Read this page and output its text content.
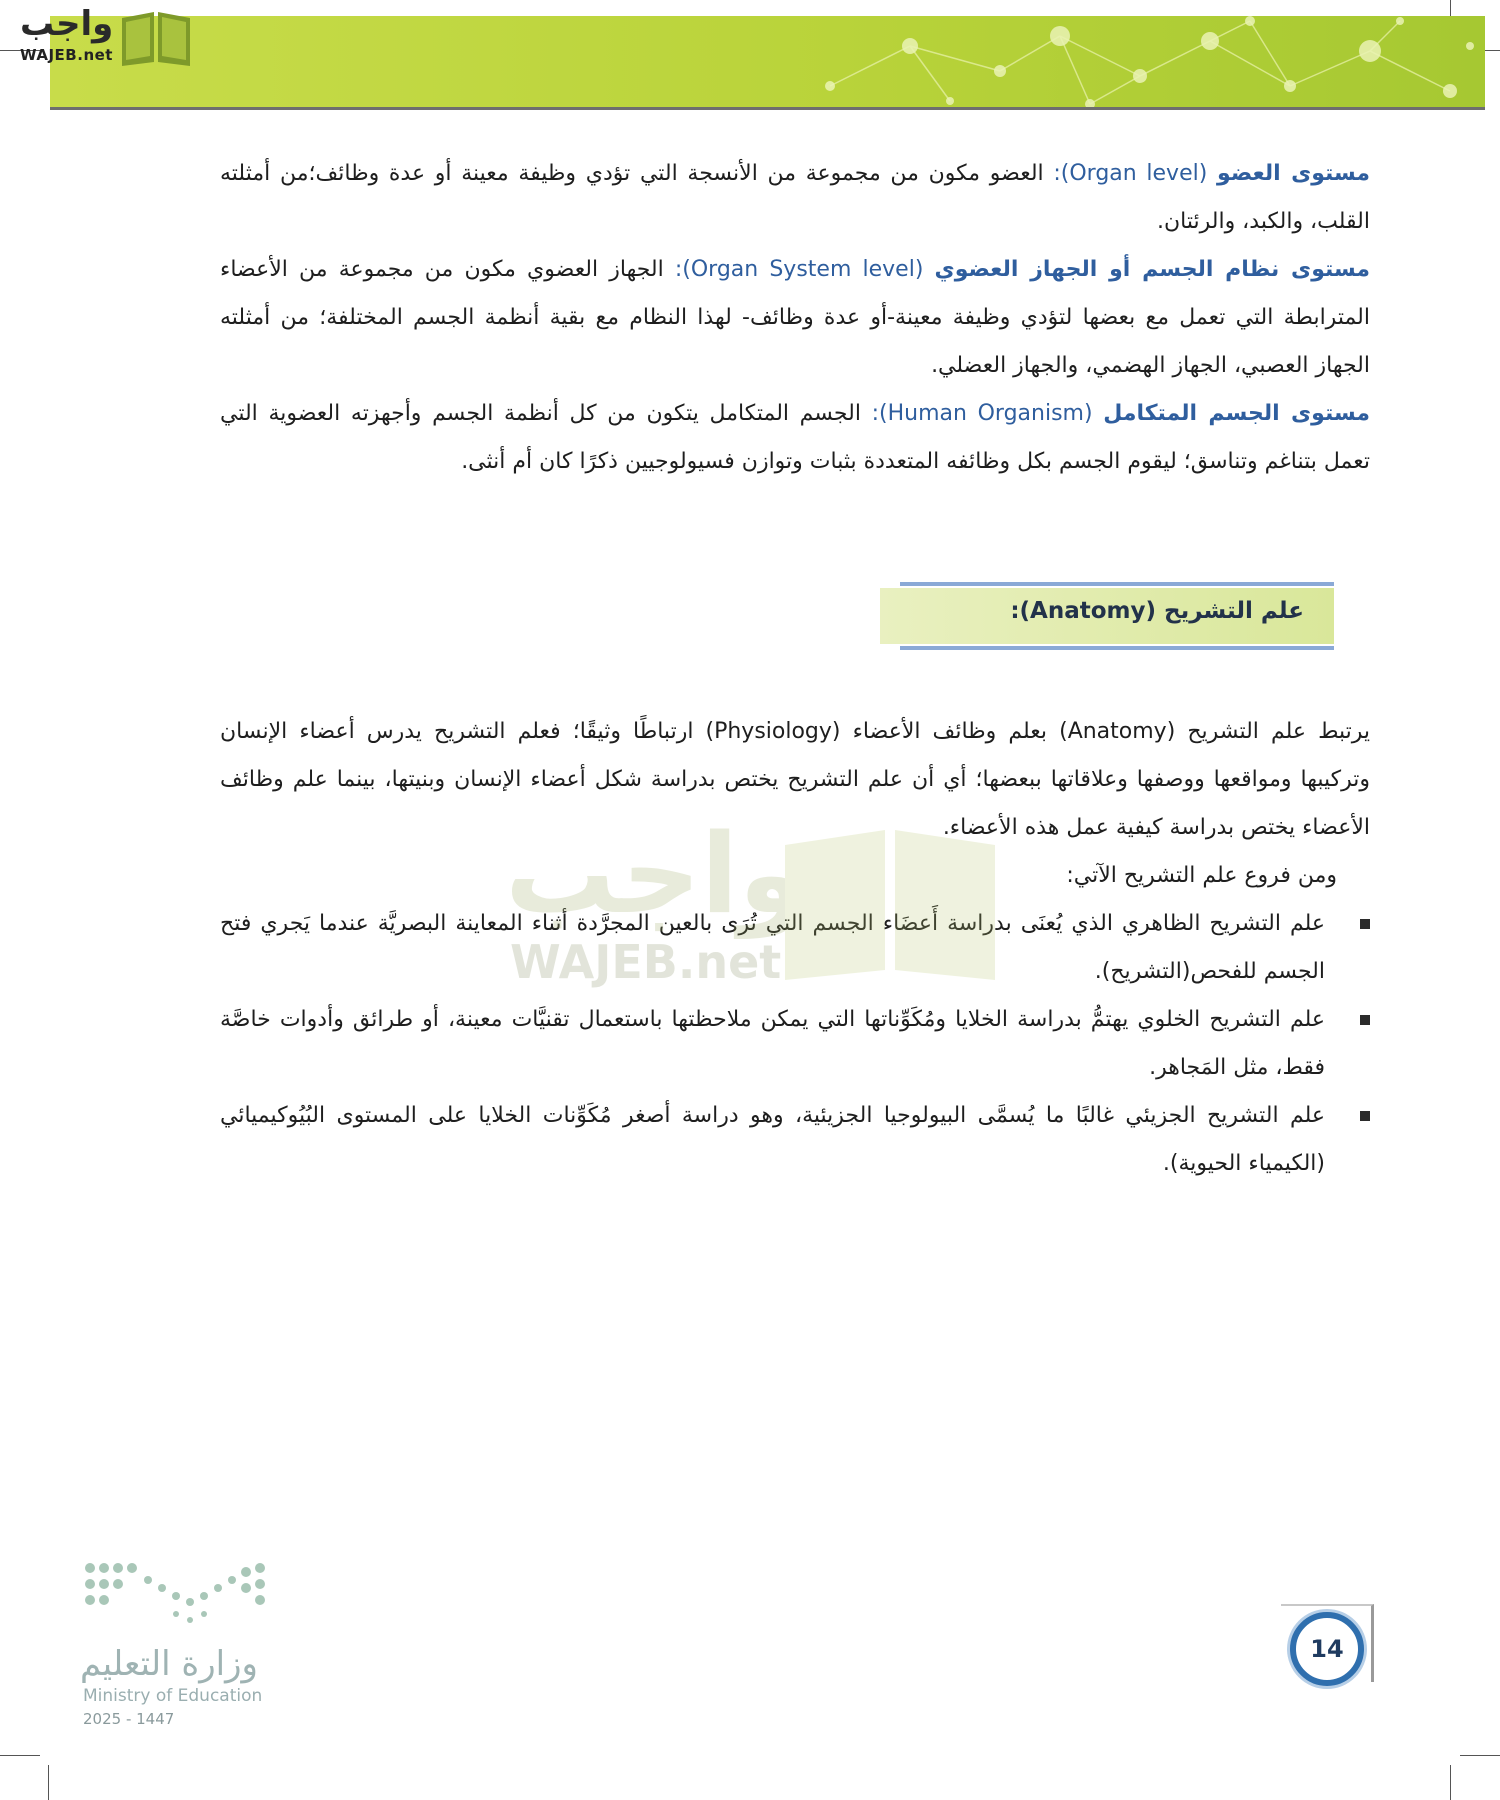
واجب
WAJEB.net

مستوى العضو (Organ level): العضو مكون من مجموعة من الأنسجة التي تؤدي وظيفة معينة أو عدة وظائف؛من أمثلته القلب، والكبد، والرئتان.

مستوى نظام الجسم أو الجهاز العضوي (Organ System level): الجهاز العضوي مكون من مجموعة من الأعضاء المترابطة التي تعمل مع بعضها لتؤدي وظيفة معينة-أو عدة وظائف- لهذا النظام مع بقية أنظمة الجسم المختلفة؛ من أمثلته الجهاز العصبي، الجهاز الهضمي، والجهاز العضلي.

مستوى الجسم المتكامل (Human Organism): الجسم المتكامل يتكون من كل أنظمة الجسم وأجهزته العضوية التي تعمل بتناغم وتناسق؛ ليقوم الجسم بكل وظائفه المتعددة بثبات وتوازن فسيولوجيين ذكرًا كان أم أنثى.

علم التشريح (Anatomy):

يرتبط علم التشريح (Anatomy) بعلم وظائف الأعضاء (Physiology) ارتباطًا وثيقًا؛ فعلم التشريح يدرس أعضاء الإنسان وتركيبها ومواقعها ووصفها وعلاقاتها ببعضها؛ أي أن علم التشريح يختص بدراسة شكل أعضاء الإنسان وبنيتها، بينما علم وظائف الأعضاء يختص بدراسة كيفية عمل هذه الأعضاء.

ومن فروع علم التشريح الآتي:

علم التشريح الظاهري الذي يُعنَى بدراسة أَعضَاء الجسم التي تُرَى بالعين المجرَّدة أثناء المعاينة البصريَّة عندما يَجري فتح الجسم للفحص(التشريح).
علم التشريح الخلوي يهتمُّ بدراسة الخلايا ومُكَوِّناتها التي يمكن ملاحظتها باستعمال تقنيَّات معينة، أو طرائق وأدوات خاصَّة فقط، مثل المَجاهر.
علم التشريح الجزيئي غالبًا ما يُسمَّى البيولوجيا الجزيئية، وهو دراسة أصغر مُكَوِّنات الخلايا على المستوى البُيُوكيميائي (الكيمياء الحيوية).
واجب
WAJEB.net
وزارة التعليم
Ministry of Education
2025 - 1447
14
